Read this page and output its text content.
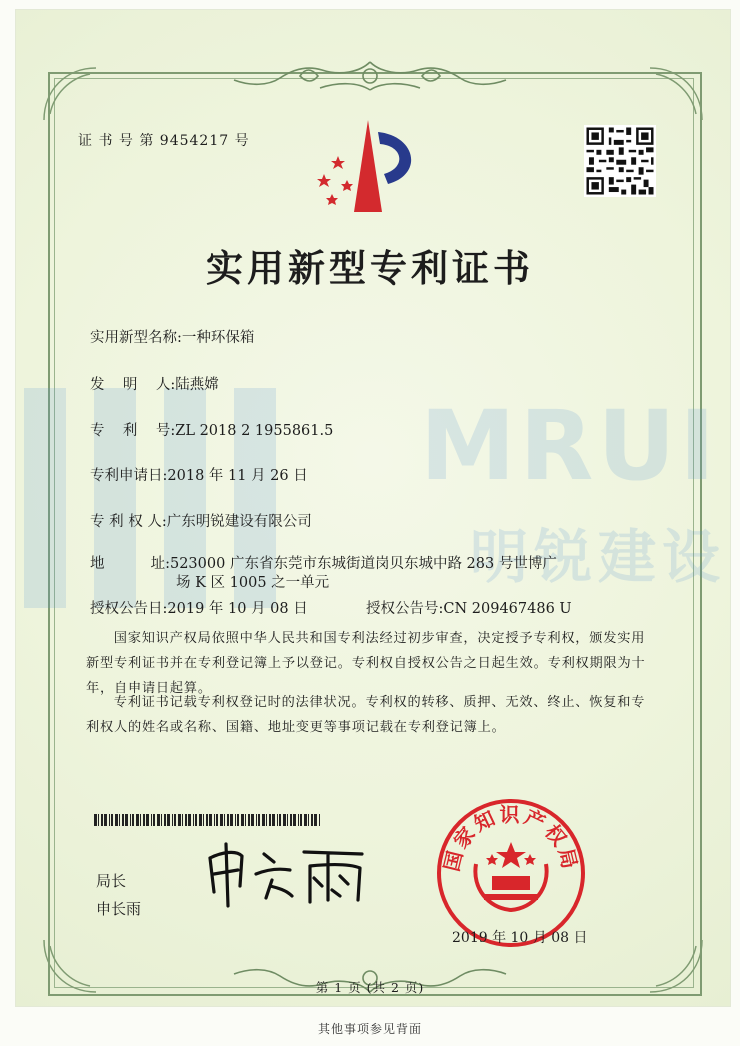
MRUI
明锐建设
证 书 号 第 9454217 号
实用新型专利证书
实用新型名称:一种环保箱
发    明    人:陆燕嫦
专    利    号:ZL 2018 2 1955861.5
专利申请日:2018 年 11 月 26 日
专 利 权 人:广东明锐建设有限公司
地          址:523000 广东省东莞市东城街道岗贝东城中路 283 号世博广
场 K 区 1005 之一单元
授权公告日:2019 年 10 月 08 日	授权公告号:CN 209467486 U
国家知识产权局依照中华人民共和国专利法经过初步审查，决定授予专利权，颁发实用新型专利证书并在专利登记簿上予以登记。专利权自授权公告之日起生效。专利权期限为十年，自申请日起算。
专利证书记载专利权登记时的法律状况。专利权的转移、质押、无效、终止、恢复和专利权人的姓名或名称、国籍、地址变更等事项记载在专利登记簿上。
局长
申长雨
国家知识产权局
2019 年 10 月 08 日
第 1 页 (共 2 页)
其他事项参见背面
